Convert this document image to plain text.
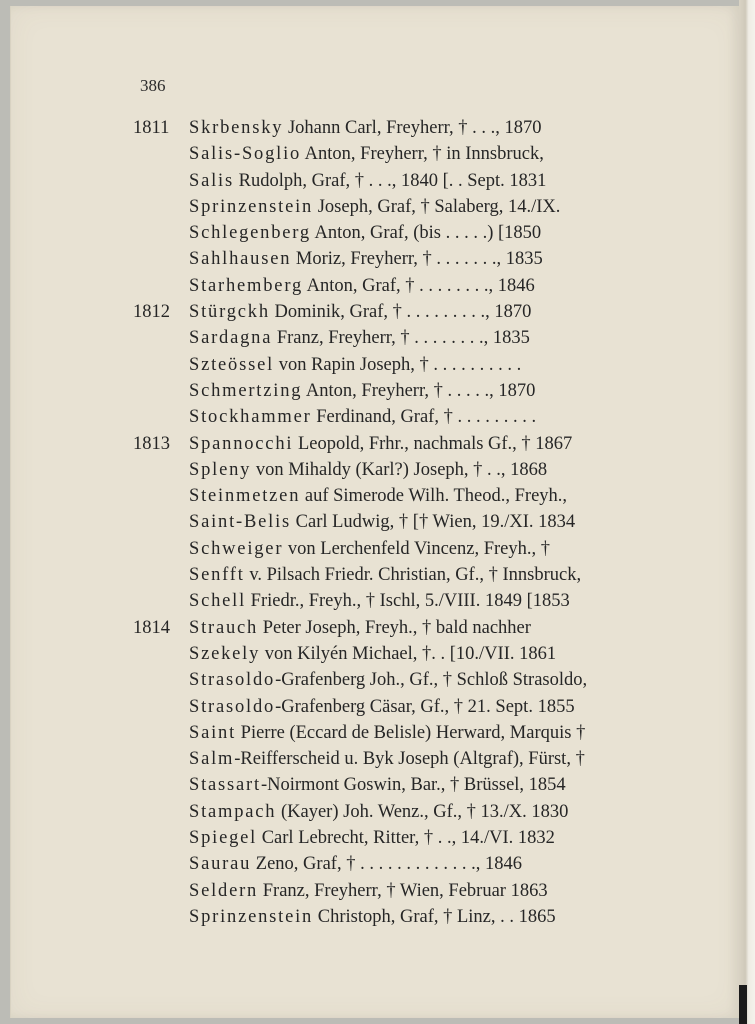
386
1811 Skrbensky Johann Carl, Freyherr, † . . ., 1870
Salis-Soglio Anton, Freyherr, † in Innsbruck,
Salis Rudolph, Graf, † . . ., 1840 [. . Sept. 1831
Sprinzenstein Joseph, Graf, † Salaberg, 14./IX.
Schlegenberg Anton, Graf, (bis . . . . .) [1850
Sahlhausen Moriz, Freyherr, † . . . . . . ., 1835
Starhemberg Anton, Graf, † . . . . . . . ., 1846
1812 Stürgckh Dominik, Graf, † . . . . . . . . ., 1870
Sardagna Franz, Freyherr, † . . . . . . . ., 1835
Szteössel von Rapin Joseph, † . . . . . . . . . .
Schmertzing Anton, Freyherr, † . . . . ., 1870
Stockhammer Ferdinand, Graf, † . . . . . . . . .
1813 Spannocchi Leopold, Frhr., nachmals Gf., † 1867
Spleny von Mihaldy (Karl?) Joseph, † . ., 1868
Steinmetzen auf Simerode Wilh. Theod., Freyh.,
Saint-Belis Carl Ludwig, † [† Wien, 19./XI. 1834
Schweiger von Lerchenfeld Vincenz, Freyh., †
Senfft v. Pilsach Friedr. Christian, Gf., † Innsbruck,
Schell Friedr., Freyh., † Ischl, 5./VIII. 1849 [1853
1814 Strauch Peter Joseph, Freyh., † bald nachher
Szekely von Kilyén Michael, †. . [10./VII. 1861
Strasoldo-Grafenberg Joh., Gf., † Schloß Strasoldo,
Strasoldo-Grafenberg Cäsar, Gf., † 21. Sept. 1855
Saint Pierre (Eccard de Belisle) Herward, Marquis †
Salm-Reifferscheid u. Byk Joseph (Altgraf), Fürst, †
Stassart-Noirmont Goswin, Bar., † Brüssel, 1854
Stampach (Kayer) Joh. Wenz., Gf., † 13./X. 1830
Spiegel Carl Lebrecht, Ritter, † . ., 14./VI. 1832
Saurau Zeno, Graf, † . . . . . . . . . . . . ., 1846
Seldern Franz, Freyherr, † Wien, Februar 1863
Sprinzenstein Christoph, Graf, † Linz, . . 1865
